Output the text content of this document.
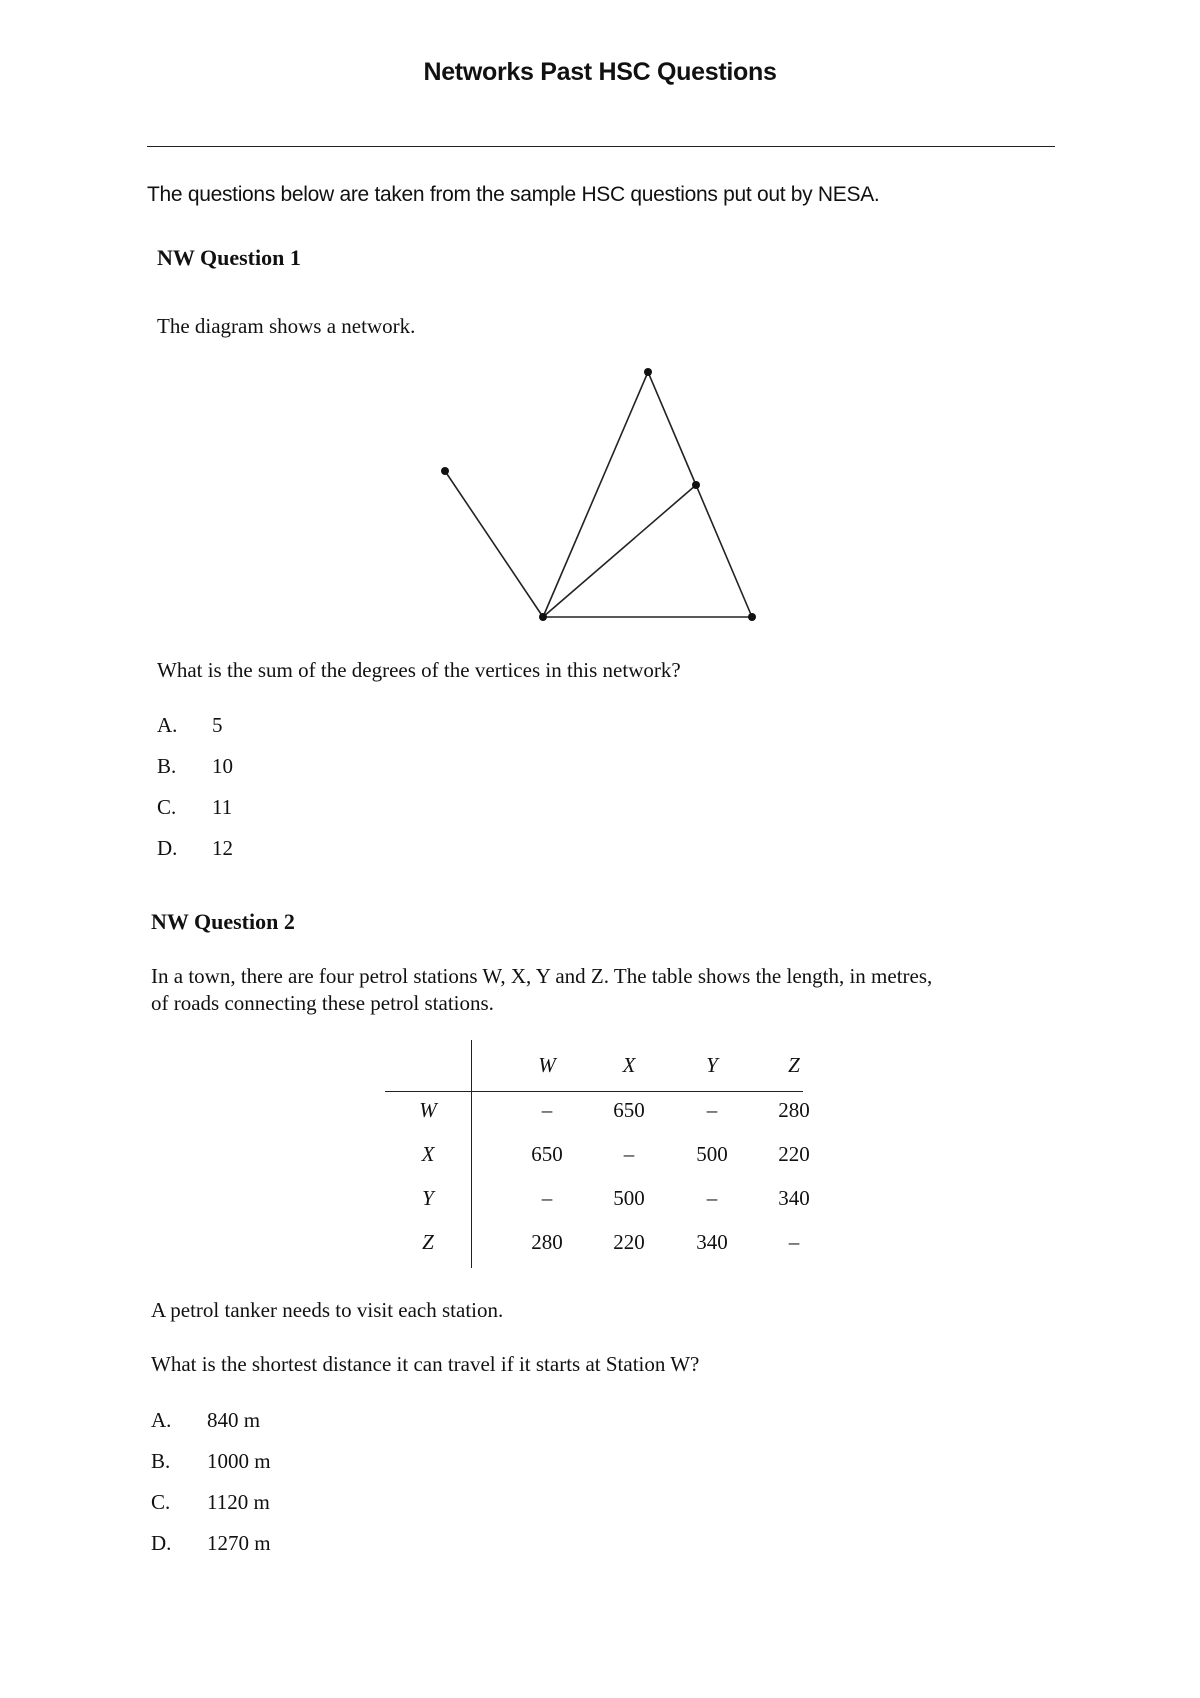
Networks Past HSC Questions
The questions below are taken from the sample HSC questions put out by NESA.
NW Question 1
The diagram shows a network.
What is the sum of the degrees of the vertices in this network?
A. 5
B. 10
C. 11
D. 12
NW Question 2
In a town, there are four petrol stations W, X, Y and Z. The table shows the length, in metres,
of roads connecting these petrol stations.
W	X	Y	Z
W	–	650	–	280
X	650	–	500	220
Y	–	500	–	340
Z	280	220	340	–
A petrol tanker needs to visit each station.
What is the shortest distance it can travel if it starts at Station W?
A. 840 m
B. 1000 m
C. 1120 m
D. 1270 m
